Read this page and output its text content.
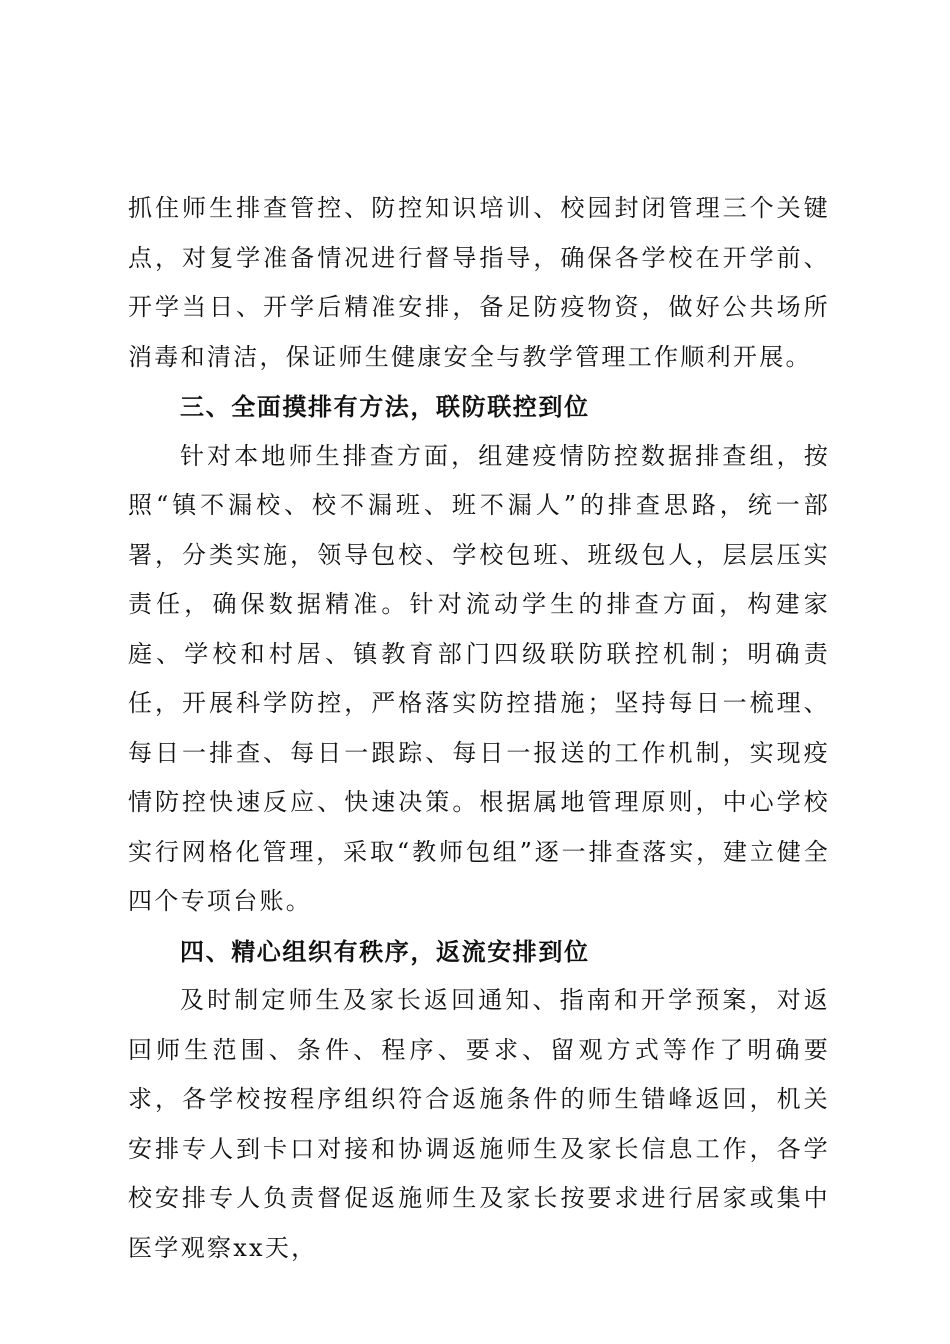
抓住师生排查管控、防控知识培训、校园封闭管理三个关键点，对复学准备情况进行督导指导，确保各学校在开学前、开学当日、开学后精准安排，备足防疫物资，做好公共场所消毒和清洁，保证师生健康安全与教学管理工作顺利开展。

三、全面摸排有方法，联防联控到位

针对本地师生排查方面，组建疫情防控数据排查组，按照“镇不漏校、校不漏班、班不漏人”的排查思路，统一部署，分类实施，领导包校、学校包班、班级包人，层层压实责任，确保数据精准。针对流动学生的排查方面，构建家庭、学校和村居、镇教育部门四级联防联控机制；明确责任，开展科学防控，严格落实防控措施；坚持每日一梳理、每日一排查、每日一跟踪、每日一报送的工作机制，实现疫情防控快速反应、快速决策。根据属地管理原则，中心学校实行网格化管理，采取“教师包组”逐一排查落实，建立健全四个专项台账。

四、精心组织有秩序，返流安排到位

及时制定师生及家长返回通知、指南和开学预案，对返回师生范围、条件、程序、要求、留观方式等作了明确要求，各学校按程序组织符合返施条件的师生错峰返回，机关安排专人到卡口对接和协调返施师生及家长信息工作，各学校安排专人负责督促返施师生及家长按要求进行居家或集中医学观察xx天，
